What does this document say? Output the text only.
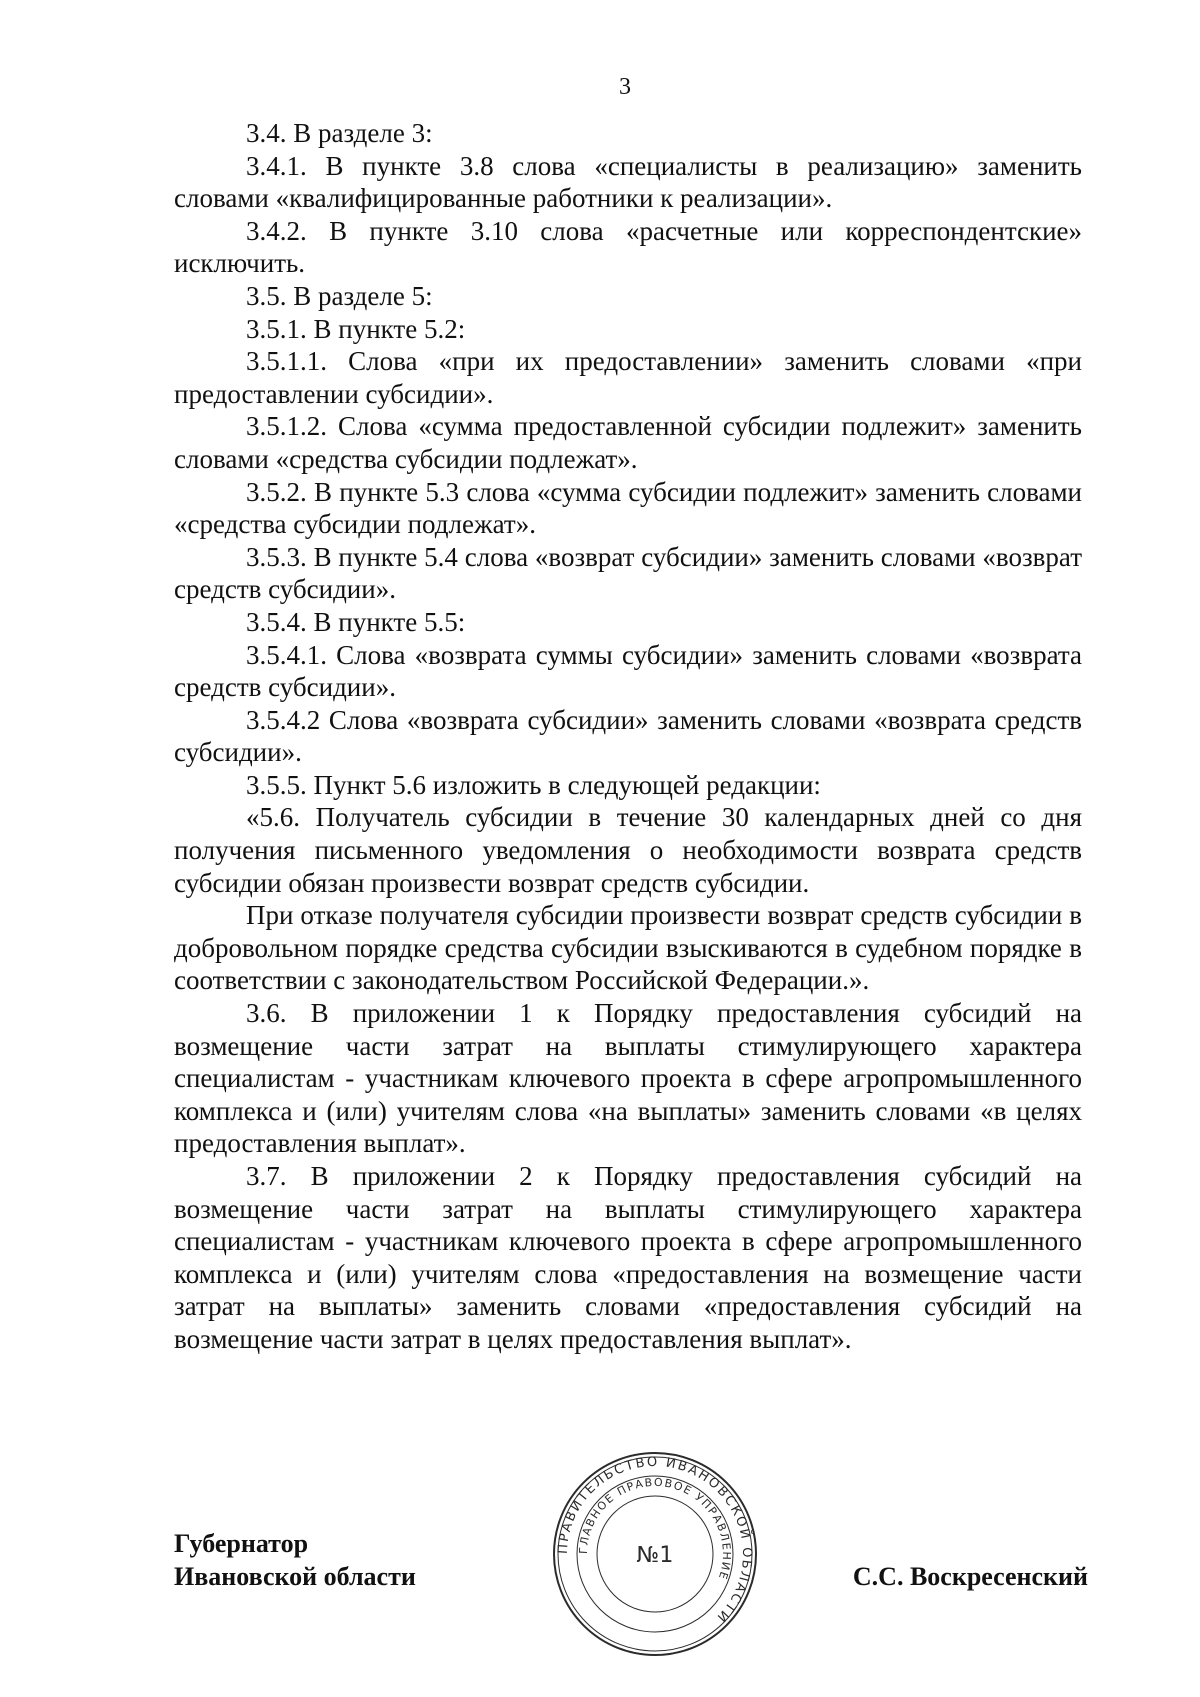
3

3.4. В разделе 3:

3.4.1. В пункте 3.8 слова «специалисты в реализацию» заменить словами «квалифицированные работники к реализации».

3.4.2. В пункте 3.10 слова «расчетные или корреспондентские» исключить.

3.5. В разделе 5:

3.5.1. В пункте 5.2:

3.5.1.1. Слова «при их предоставлении» заменить словами «при предоставлении субсидии».

3.5.1.2. Слова «сумма предоставленной субсидии подлежит» заменить словами «средства субсидии подлежат».

3.5.2. В пункте 5.3 слова «сумма субсидии подлежит» заменить словами «средства субсидии подлежат».

3.5.3. В пункте 5.4 слова «возврат субсидии» заменить словами «возврат средств субсидии».

3.5.4. В пункте 5.5:

3.5.4.1. Слова «возврата суммы субсидии» заменить словами «возврата средств субсидии».

3.5.4.2 Слова «возврата субсидии» заменить словами «возврата средств субсидии».

3.5.5. Пункт 5.6 изложить в следующей редакции:

«5.6. Получатель субсидии в течение 30 календарных дней со дня получения письменного уведомления о необходимости возврата средств субсидии обязан произвести возврат средств субсидии.

При отказе получателя субсидии произвести возврат средств субсидии в добровольном порядке средства субсидии взыскиваются в судебном порядке в соответствии с законодательством Российской Федерации.».

3.6. В приложении 1 к Порядку предоставления субсидий на возмещение части затрат на выплаты стимулирующего характера специалистам - участникам ключевого проекта в сфере агропромышленного комплекса и (или) учителям слова «на выплаты» заменить словами «в целях предоставления выплат».

3.7. В приложении 2 к Порядку предоставления субсидий на возмещение части затрат на выплаты стимулирующего характера специалистам - участникам ключевого проекта в сфере агропромышленного комплекса и (или) учителям слова «предоставления на возмещение части затрат на выплаты» заменить словами «предоставления субсидий на возмещение части затрат в целях предоставления выплат».

Губернатор
Ивановской области
ПРАВИТЕЛЬСТВО ИВАНОВСКОЙ ОБЛАСТИ
ГЛАВНОЕ ПРАВОВОЕ УПРАВЛЕНИЕ
№1
С.С. Воскресенский
